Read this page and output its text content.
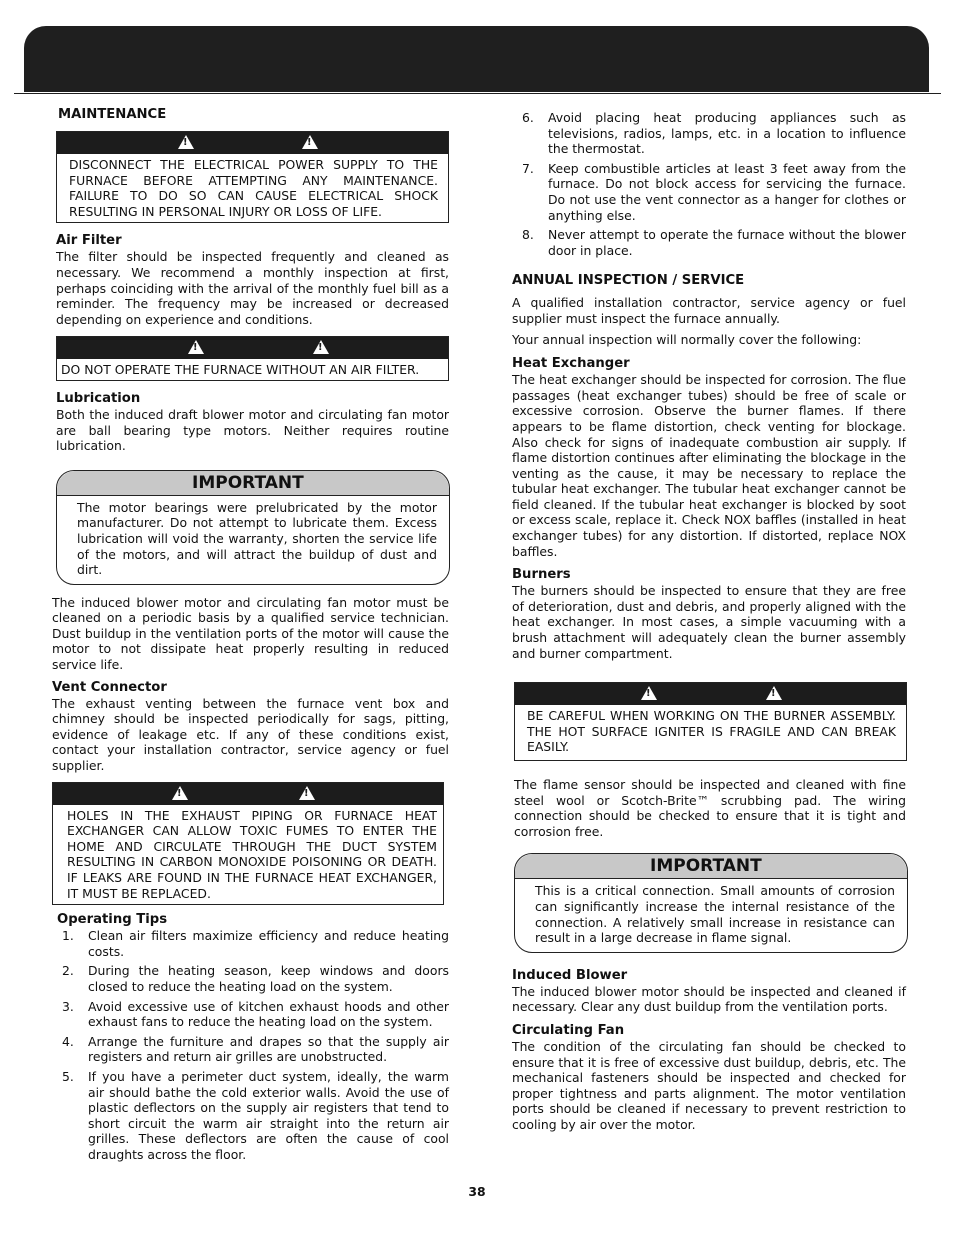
MAINTENANCE
!
!
DISCONNECT THE ELECTRICAL POWER SUPPLY TO THE FURNACE BEFORE ATTEMPTING ANY MAINTENANCE. FAILURE TO DO SO CAN CAUSE ELECTRICAL SHOCK RESULTING IN PERSONAL INJURY OR LOSS OF LIFE.
Air Filter

The filter should be inspected frequently and cleaned as necessary. We recommend a monthly inspection at first, perhaps coinciding with the arrival of the monthly fuel bill as a reminder. The frequency may be increased or decreased depending on experience and conditions.

!
!
DO NOT OPERATE THE FURNACE WITHOUT AN AIR FILTER.
Lubrication

Both the induced draft blower motor and circulating fan motor are ball bearing type motors. Neither requires routine lubrication.

IMPORTANT
The motor bearings were prelubricated by the motor manufacturer. Do not attempt to lubricate them. Excess lubrication will void the warranty, shorten the service life of the motors, and will attract the buildup of dust and dirt.

The induced blower motor and circulating fan motor must be cleaned on a periodic basis by a qualified service technician. Dust buildup in the ventilation ports of the motor will cause the motor to not dissipate heat properly resulting in reduced service life.

Vent Connector

The exhaust venting between the furnace vent box and chimney should be inspected periodically for sags, pitting, evidence of leakage etc. If any of these conditions exist, contact your installation contractor, service agency or fuel supplier.

!
!
HOLES IN THE EXHAUST PIPING OR FURNACE HEAT EXCHANGER CAN ALLOW TOXIC FUMES TO ENTER THE HOME AND CIRCULATE THROUGH THE DUCT SYSTEM RESULTING IN CARBON MONOXIDE POISONING OR DEATH. IF LEAKS ARE FOUND IN THE FURNACE HEAT EXCHANGER, IT MUST BE REPLACED.
Operating Tips
1.	Clean air filters maximize efficiency and reduce heating costs.
2.	During the heating season, keep windows and doors closed to reduce the heating load on the system.
3.	Avoid excessive use of kitchen exhaust hoods and other exhaust fans to reduce the heating load on the system.
4.	Arrange the furniture and drapes so that the supply air registers and return air grilles are unobstructed.
5.	If you have a perimeter duct system, ideally, the warm air should bathe the cold exterior walls. Avoid the use of plastic deflectors on the supply air registers that tend to short circuit the warm air straight into the return air grilles. These deflectors are often the cause of cool draughts across the floor.
6.	Avoid placing heat producing appliances such as televisions, radios, lamps, etc. in a location to influence the thermostat.
7.	Keep combustible articles at least 3 feet away from the furnace. Do not block access for servicing the furnace. Do not use the vent connector as a hanger for clothes or anything else.
8.	Never attempt to operate the furnace without the blower door in place.
ANNUAL INSPECTION / SERVICE

A qualified installation contractor, service agency or fuel supplier must inspect the furnace annually.

Your annual inspection will normally cover the following:

Heat Exchanger

The heat exchanger should be inspected for corrosion. The flue passages (heat exchanger tubes) should be free of scale or excessive corrosion. Observe the burner flames. If there appears to be flame distortion, check venting for blockage. Also check for signs of inadequate combustion air supply. If flame distortion continues after eliminating the blockage in the venting as the cause, it may be necessary to replace the tubular heat exchanger. The tubular heat exchanger cannot be field cleaned. If the tubular heat exchanger is blocked by soot or excess scale, replace it. Check NOX baffles (installed in heat exchanger tubes) for any distortion. If distorted, replace NOX baffles.

Burners

The burners should be inspected to ensure that they are free of deterioration, dust and debris, and properly aligned with the heat exchanger. In most cases, a simple vacuuming with a brush attachment will adequately clean the burner assembly and burner compartment.

!
!
BE CAREFUL WHEN WORKING ON THE BURNER ASSEMBLY. THE HOT SURFACE IGNITER IS FRAGILE AND CAN BREAK EASILY.

The flame sensor should be inspected and cleaned with fine steel wool or Scotch-Brite™ scrubbing pad. The wiring connection should be checked to ensure that it is tight and corrosion free.

IMPORTANT
This is a critical connection. Small amounts of corrosion can significantly increase the internal resistance of the connection. A relatively small increase in resistance can result in a large decrease in flame signal.
Induced Blower

The induced blower motor should be inspected and cleaned if necessary. Clear any dust buildup from the ventilation ports.

Circulating Fan

The condition of the circulating fan should be checked to ensure that it is free of excessive dust buildup, debris, etc. The mechanical fasteners should be inspected and checked for proper tightness and parts alignment. The motor ventilation ports should be cleaned if necessary to prevent restriction to cooling by air over the motor.

38
